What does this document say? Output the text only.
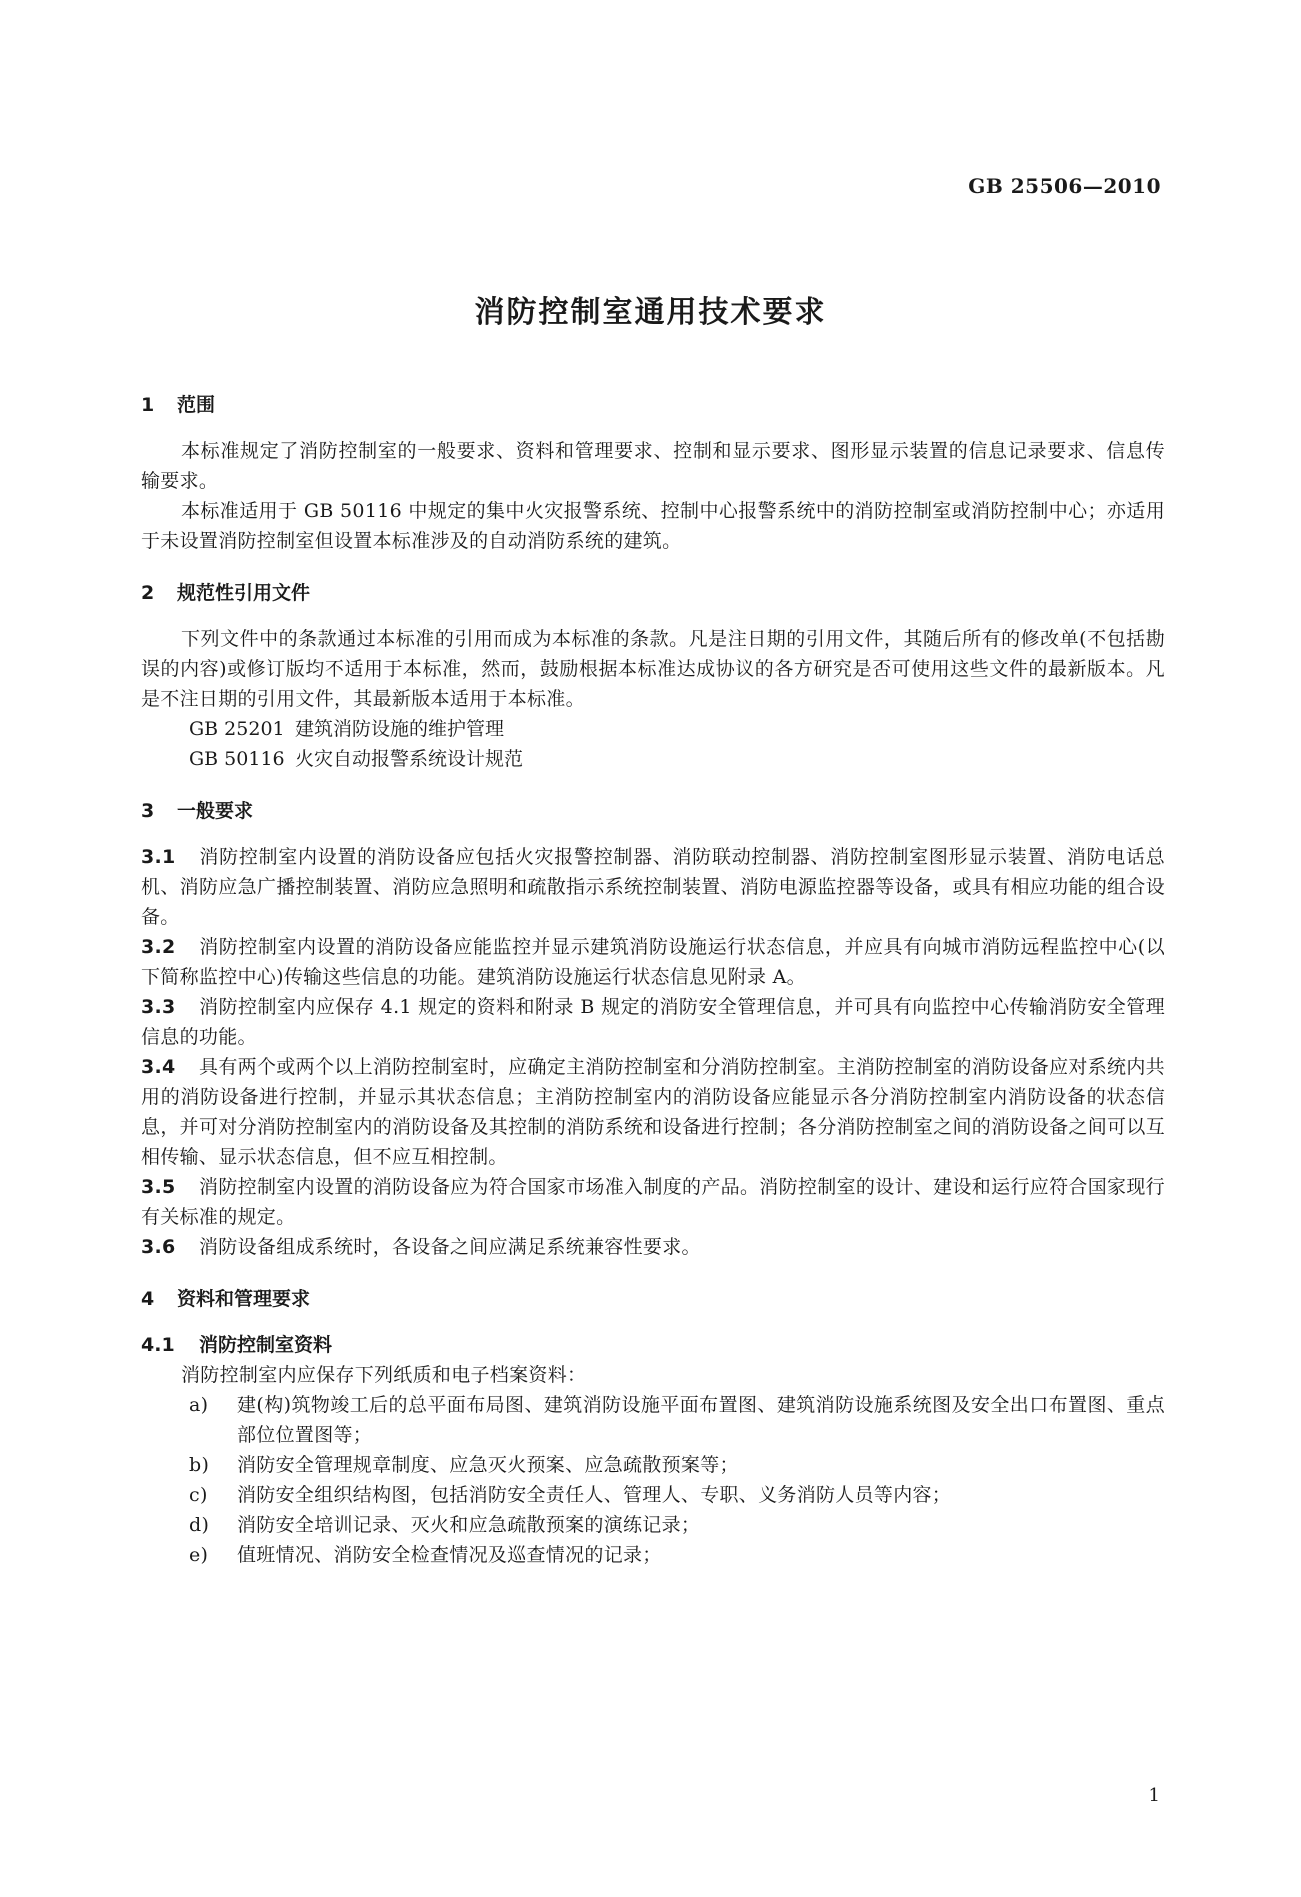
GB 25506—2010
消防控制室通用技术要求

1 范围

本标准规定了消防控制室的一般要求、资料和管理要求、控制和显示要求、图形显示装置的信息记录要求、信息传输要求。

本标准适用于 GB 50116 中规定的集中火灾报警系统、控制中心报警系统中的消防控制室或消防控制中心；亦适用于未设置消防控制室但设置本标准涉及的自动消防系统的建筑。

2 规范性引用文件

下列文件中的条款通过本标准的引用而成为本标准的条款。凡是注日期的引用文件，其随后所有的修改单(不包括勘误的内容)或修订版均不适用于本标准，然而，鼓励根据本标准达成协议的各方研究是否可使用这些文件的最新版本。凡是不注日期的引用文件，其最新版本适用于本标准。

GB 25201 建筑消防设施的维护管理

GB 50116 火灾自动报警系统设计规范

3 一般要求

3.1 消防控制室内设置的消防设备应包括火灾报警控制器、消防联动控制器、消防控制室图形显示装置、消防电话总机、消防应急广播控制装置、消防应急照明和疏散指示系统控制装置、消防电源监控器等设备，或具有相应功能的组合设备。

3.2 消防控制室内设置的消防设备应能监控并显示建筑消防设施运行状态信息，并应具有向城市消防远程监控中心(以下简称监控中心)传输这些信息的功能。建筑消防设施运行状态信息见附录 A。

3.3 消防控制室内应保存 4.1 规定的资料和附录 B 规定的消防安全管理信息，并可具有向监控中心传输消防安全管理信息的功能。

3.4 具有两个或两个以上消防控制室时，应确定主消防控制室和分消防控制室。主消防控制室的消防设备应对系统内共用的消防设备进行控制，并显示其状态信息；主消防控制室内的消防设备应能显示各分消防控制室内消防设备的状态信息，并可对分消防控制室内的消防设备及其控制的消防系统和设备进行控制；各分消防控制室之间的消防设备之间可以互相传输、显示状态信息，但不应互相控制。

3.5 消防控制室内设置的消防设备应为符合国家市场准入制度的产品。消防控制室的设计、建设和运行应符合国家现行有关标准的规定。

3.6 消防设备组成系统时，各设备之间应满足系统兼容性要求。

4 资料和管理要求

4.1 消防控制室资料

消防控制室内应保存下列纸质和电子档案资料：

a) 建(构)筑物竣工后的总平面布局图、建筑消防设施平面布置图、建筑消防设施系统图及安全出口布置图、重点部位位置图等；

b) 消防安全管理规章制度、应急灭火预案、应急疏散预案等；

c) 消防安全组织结构图，包括消防安全责任人、管理人、专职、义务消防人员等内容；

d) 消防安全培训记录、灭火和应急疏散预案的演练记录；

e) 值班情况、消防安全检查情况及巡查情况的记录；

1
